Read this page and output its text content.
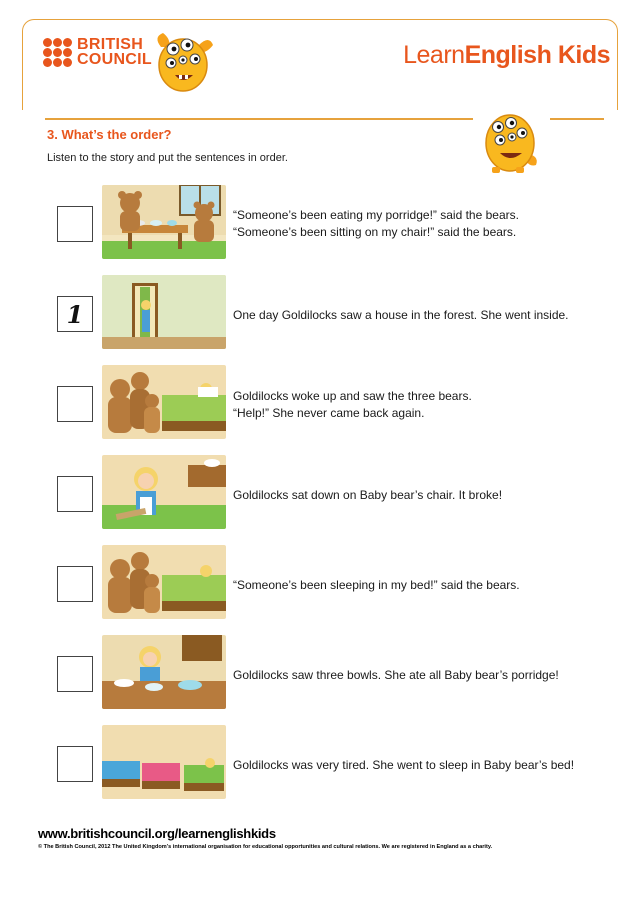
BRITISH
COUNCIL	LearnEnglish Kids
3. What’s the order?
Listen to the story and put the sentences in order.
“Someone’s been eating my porridge!” said the bears.
“Someone’s been sitting on my chair!” said the bears.
1	One day Goldilocks saw a house in the forest. She went inside.
Goldilocks woke up and saw the three bears.
“Help!” She never came back again.
Goldilocks sat down on Baby bear’s chair. It broke!
“Someone’s been sleeping in my bed!” said the bears.
Goldilocks saw three bowls. She ate all Baby bear’s porridge!
Goldilocks was very tired. She went to sleep in Baby bear’s bed!
www.britishcouncil.org/learnenglishkids
© The British Council, 2012 The United Kingdom’s international organisation for educational opportunities and cultural relations. We are registered in England as a charity.
